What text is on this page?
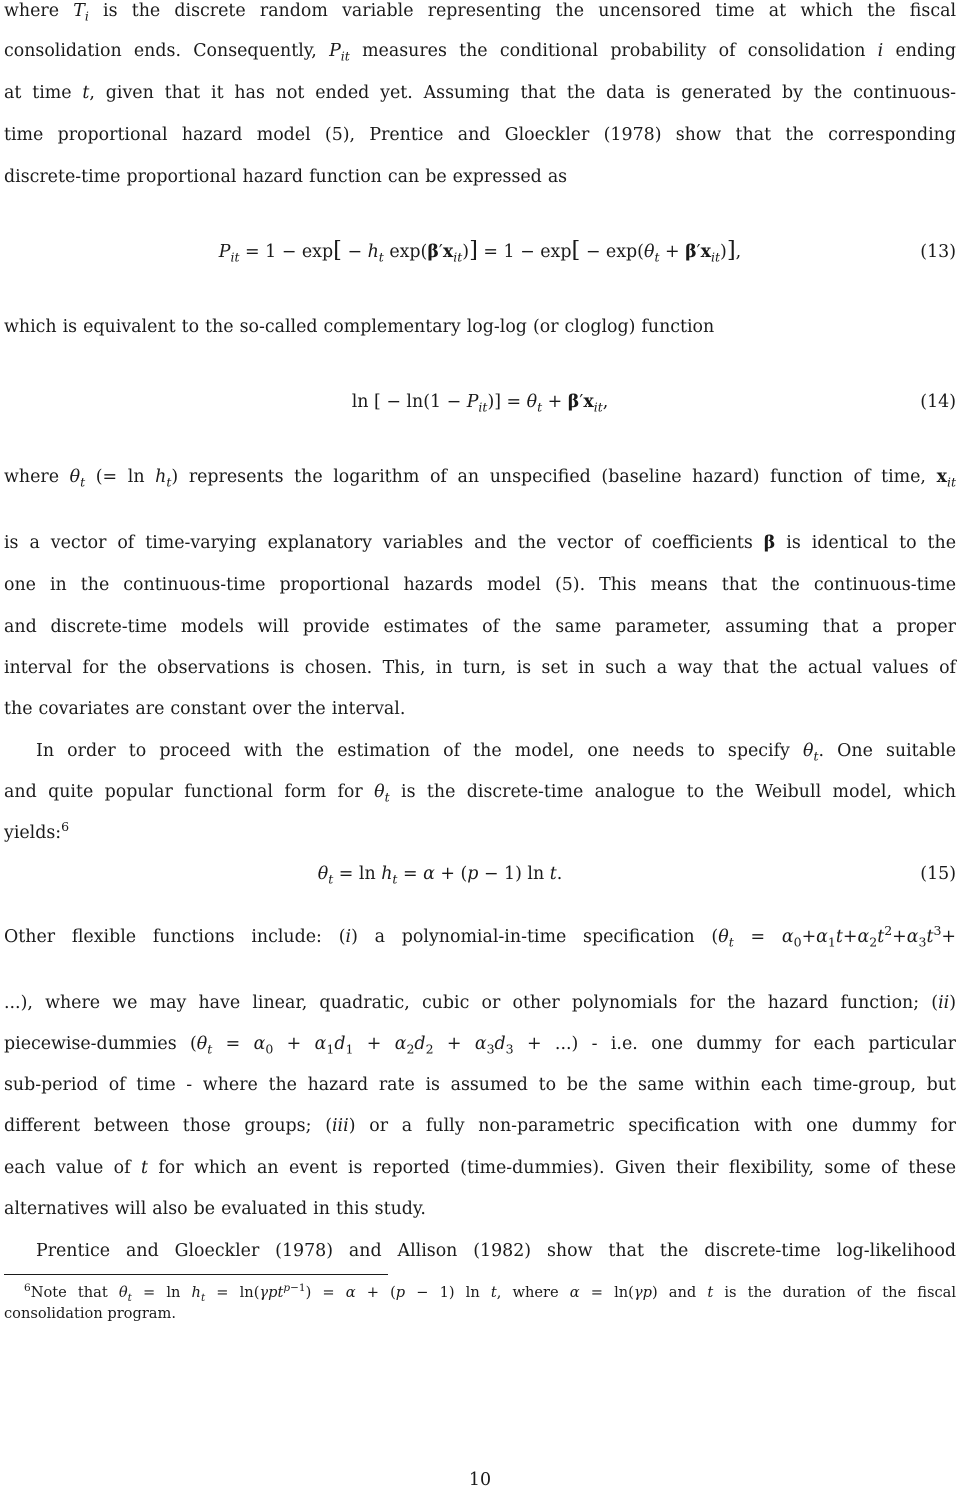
where $T_i$ is the discrete random variable representing the uncensored time at which the fiscal
consolidation ends. Consequently, $P_{it}$ measures the conditional probability of consolidation i ending
at time t, given that it has not ended yet. Assuming that the data is generated by the continuous-
time proportional hazard model (5), Prentice and Gloeckler (1978) show that the corresponding
discrete-time proportional hazard function can be expressed as
$P_{it} = 1 - \exp[ - h_t$ $\exp(\beta'x_{it})] = 1 - \exp[ - \exp(\theta_t + \beta'x_{it})]$,	(13)
which is equivalent to the so-called complementary log-log (or cloglog) function
ln [ − $\ln(1 - P_{it})] = \theta_t + \beta'x_{it}$,	(14)
where $\theta_t$ (= $\ln h_t$) represents the logarithm of an unspecified (baseline hazard) function of time, $x_{it}$
is a vector of time-varying explanatory variables and the vector of coefficients β is identical to the
one in the continuous-time proportional hazards model (5). This means that the continuous-time
and discrete-time models will provide estimates of the same parameter, assuming that a proper
interval for the observations is chosen. This, in turn, is set in such a way that the actual values of
the covariates are constant over the interval.
In order to proceed with the estimation of the model, one needs to specify $\theta_t$. One suitable
and quite popular functional form for $\theta_t$ is the discrete-time analogue to the Weibull model, which
yields:$^6$
$\theta_t = \ln h_t = \alpha + (p - 1)$ ln t.	(15)
Other flexible functions include: (i) a polynomial-in-time specification ($\theta_t = \alpha_0+\alpha_1t+\alpha_2t^2+\alpha_3t^3+$
...), where we may have linear, quadratic, cubic or other polynomials for the hazard function; (ii)
piecewise-dummies ($\theta_t = \alpha_0 + \alpha_1d_1 + \alpha_2d_2 + \alpha_3d_3$ + ...) - i.e. one dummy for each particular
sub-period of time - where the hazard rate is assumed to be the same within each time-group, but
different between those groups; (iii) or a fully non-parametric specification with one dummy for
each value of t for which an event is reported (time-dummies). Given their flexibility, some of these
alternatives will also be evaluated in this study.
Prentice and Gloeckler (1978) and Allison (1982) show that the discrete-time log-likelihood
$^6$Note that $\theta_t = \ln h_t = \ln(\gamma pt^{p-1}) = \alpha + (p - 1)$ ln t, where α = ln(γp) and t is the duration of the fiscal
consolidation program.
10
